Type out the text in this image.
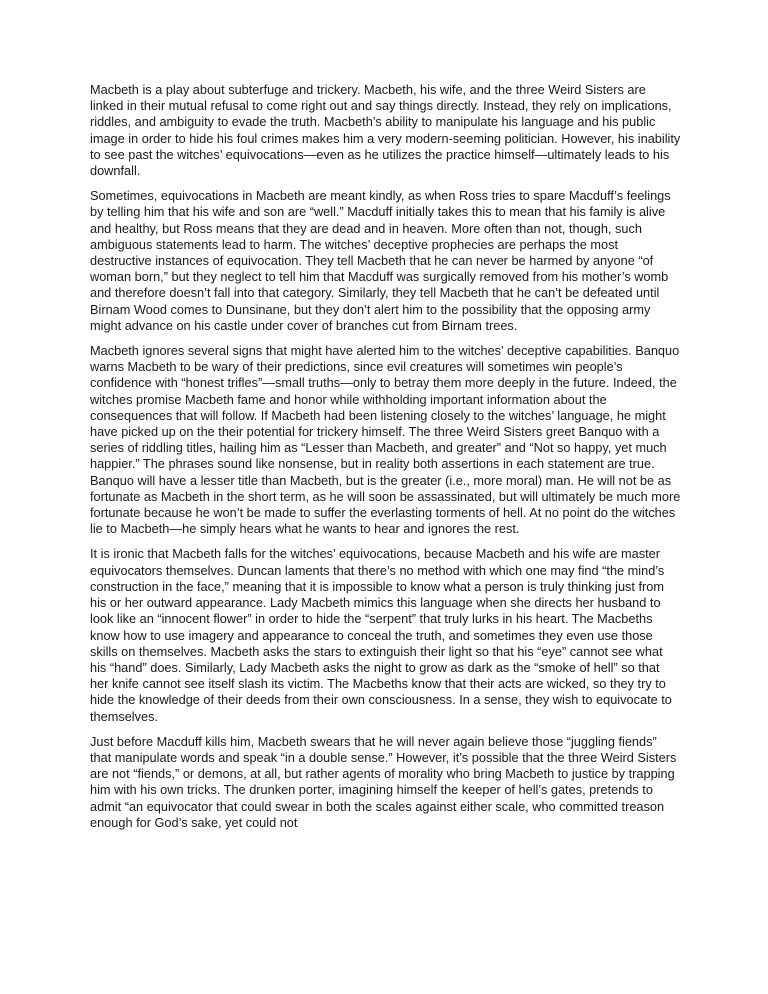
Macbeth is a play about subterfuge and trickery. Macbeth, his wife, and the three Weird Sisters are linked in their mutual refusal to come right out and say things directly. Instead, they rely on implications, riddles, and ambiguity to evade the truth. Macbeth’s ability to manipulate his language and his public image in order to hide his foul crimes makes him a very modern-seeming politician. However, his inability to see past the witches’ equivocations—even as he utilizes the practice himself—ultimately leads to his downfall.

Sometimes, equivocations in Macbeth are meant kindly, as when Ross tries to spare Macduff’s feelings by telling him that his wife and son are “well.” Macduff initially takes this to mean that his family is alive and healthy, but Ross means that they are dead and in heaven. More often than not, though, such ambiguous statements lead to harm. The witches’ deceptive prophecies are perhaps the most destructive instances of equivocation. They tell Macbeth that he can never be harmed by anyone “of woman born,” but they neglect to tell him that Macduff was surgically removed from his mother’s womb and therefore doesn’t fall into that category. Similarly, they tell Macbeth that he can’t be defeated until Birnam Wood comes to Dunsinane, but they don’t alert him to the possibility that the opposing army might advance on his castle under cover of branches cut from Birnam trees.

Macbeth ignores several signs that might have alerted him to the witches’ deceptive capabilities. Banquo warns Macbeth to be wary of their predictions, since evil creatures will sometimes win people’s confidence with “honest trifles”—small truths—only to betray them more deeply in the future. Indeed, the witches promise Macbeth fame and honor while withholding important information about the consequences that will follow. If Macbeth had been listening closely to the witches’ language, he might have picked up on the their potential for trickery himself. The three Weird Sisters greet Banquo with a series of riddling titles, hailing him as “Lesser than Macbeth, and greater” and “Not so happy, yet much happier.” The phrases sound like nonsense, but in reality both assertions in each statement are true. Banquo will have a lesser title than Macbeth, but is the greater (i.e., more moral) man. He will not be as fortunate as Macbeth in the short term, as he will soon be assassinated, but will ultimately be much more fortunate because he won’t be made to suffer the everlasting torments of hell. At no point do the witches lie to Macbeth—he simply hears what he wants to hear and ignores the rest.

It is ironic that Macbeth falls for the witches’ equivocations, because Macbeth and his wife are master equivocators themselves. Duncan laments that there’s no method with which one may find “the mind’s construction in the face,” meaning that it is impossible to know what a person is truly thinking just from his or her outward appearance. Lady Macbeth mimics this language when she directs her husband to look like an “innocent flower” in order to hide the “serpent” that truly lurks in his heart. The Macbeths know how to use imagery and appearance to conceal the truth, and sometimes they even use those skills on themselves. Macbeth asks the stars to extinguish their light so that his “eye” cannot see what his “hand” does. Similarly, Lady Macbeth asks the night to grow as dark as the “smoke of hell” so that her knife cannot see itself slash its victim. The Macbeths know that their acts are wicked, so they try to hide the knowledge of their deeds from their own consciousness. In a sense, they wish to equivocate to themselves.

Just before Macduff kills him, Macbeth swears that he will never again believe those “juggling fiends” that manipulate words and speak “in a double sense.” However, it’s possible that the three Weird Sisters are not “fiends,” or demons, at all, but rather agents of morality who bring Macbeth to justice by trapping him with his own tricks. The drunken porter, imagining himself the keeper of hell’s gates, pretends to admit “an equivocator that could swear in both the scales against either scale, who committed treason enough for God’s sake, yet could not
